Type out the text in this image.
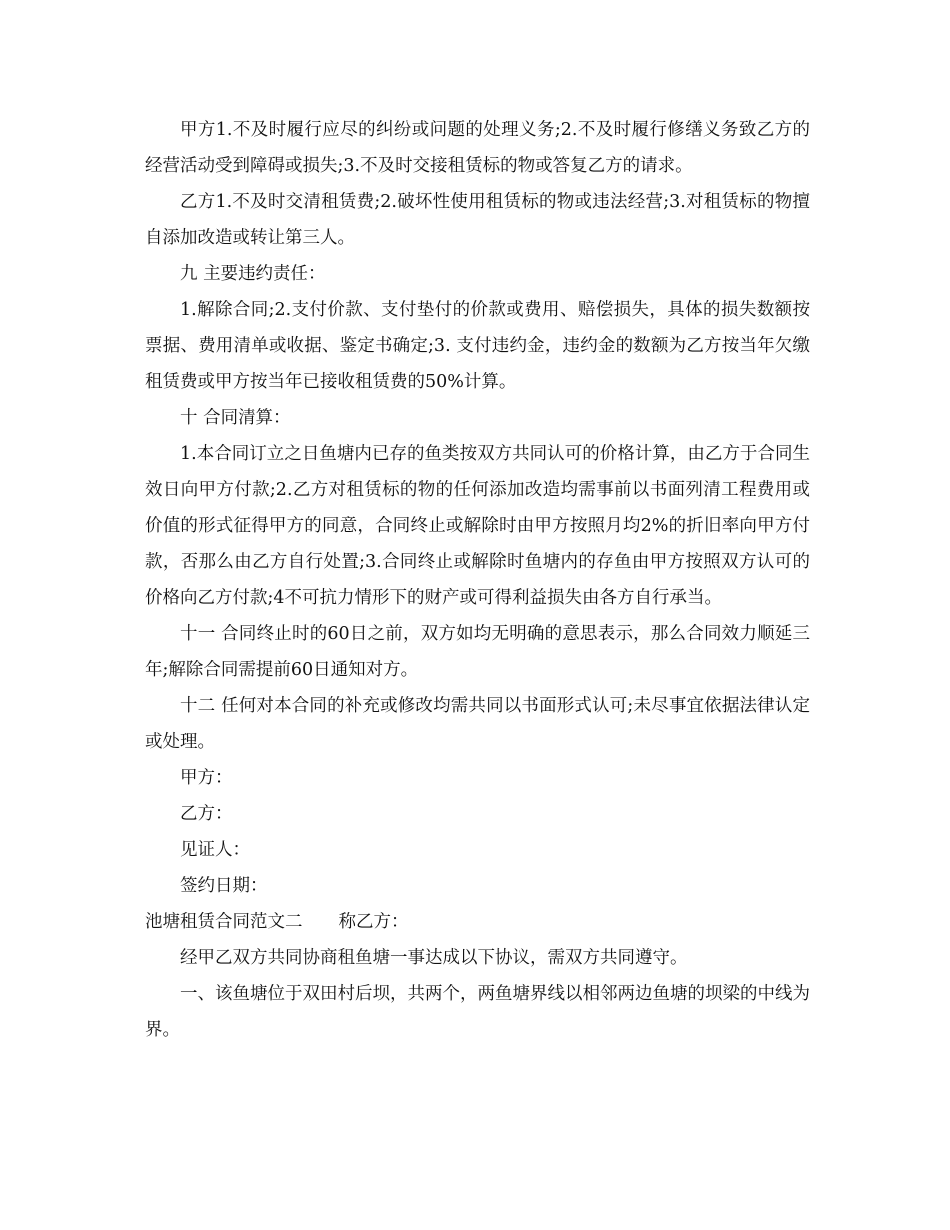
甲方1.不及时履行应尽的纠纷或问题的处理义务;2.不及时履行修缮义务致乙方的经营活动受到障碍或损失;3.不及时交接租赁标的物或答复乙方的请求。

乙方1.不及时交清租赁费;2.破坏性使用租赁标的物或违法经营;3.对租赁标的物擅自添加改造或转让第三人。

九 主要违约责任：

1.解除合同;2.支付价款、支付垫付的价款或费用、赔偿损失，具体的损失数额按票据、费用清单或收据、鉴定书确定;3. 支付违约金，违约金的数额为乙方按当年欠缴租赁费或甲方按当年已接收租赁费的50%计算。

十 合同清算：

1.本合同订立之日鱼塘内已存的鱼类按双方共同认可的价格计算，由乙方于合同生效日向甲方付款;2.乙方对租赁标的物的任何添加改造均需事前以书面列清工程费用或价值的形式征得甲方的同意，合同终止或解除时由甲方按照月均2%的折旧率向甲方付款，否那么由乙方自行处置;3.合同终止或解除时鱼塘内的存鱼由甲方按照双方认可的价格向乙方付款;4不可抗力情形下的财产或可得利益损失由各方自行承当。

十一 合同终止时的60日之前，双方如均无明确的意思表示，那么合同效力顺延三年;解除合同需提前60日通知对方。

十二 任何对本合同的补充或修改均需共同以书面形式认可;未尽事宜依据法律认定或处理。

甲方：

乙方：

见证人：

签约日期：

池塘租赁合同范文二 称乙方：

经甲乙双方共同协商租鱼塘一事达成以下协议，需双方共同遵守。

一、该鱼塘位于双田村后坝，共两个，两鱼塘界线以相邻两边鱼塘的坝梁的中线为界。
